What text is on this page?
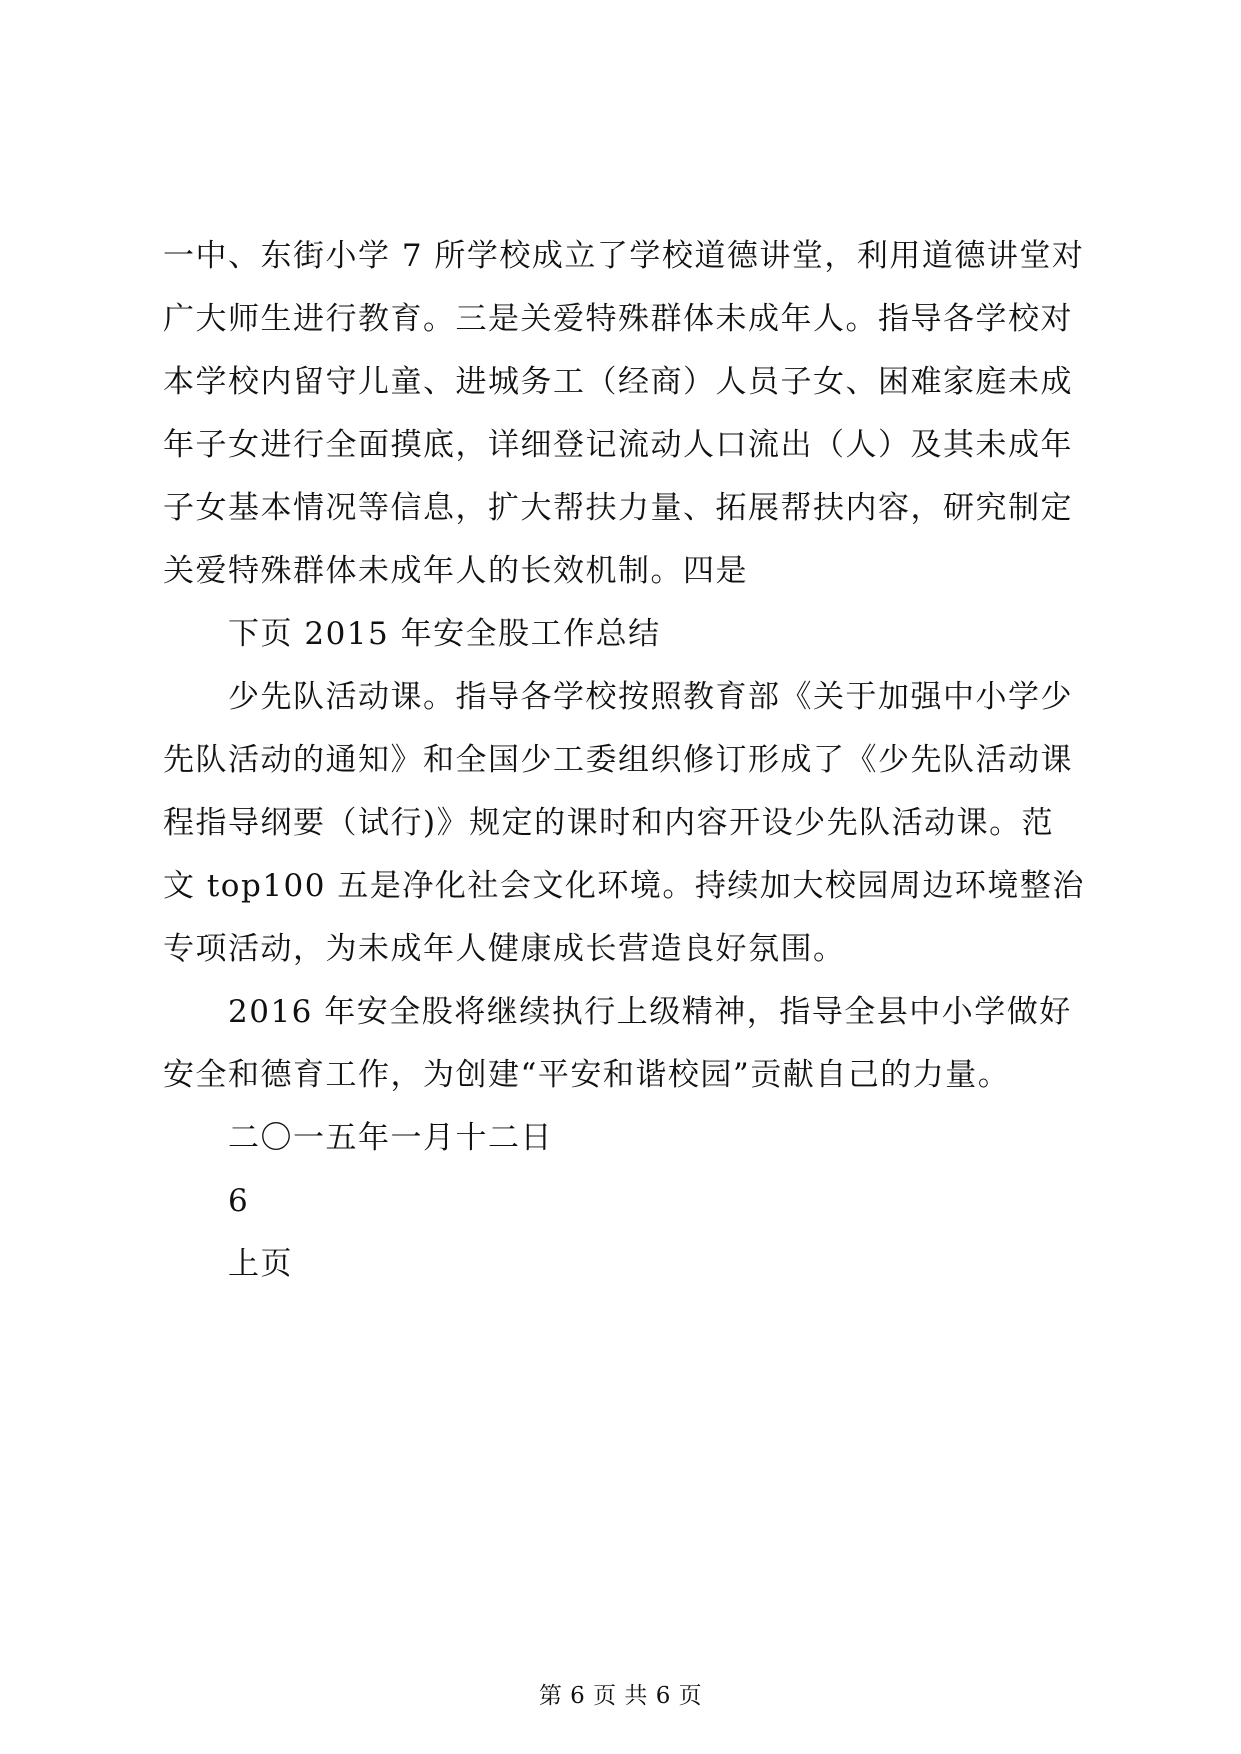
一中、东街小学 7 所学校成立了学校道德讲堂，利用道德讲堂对
广大师生进行教育。三是关爱特殊群体未成年人。指导各学校对
本学校内留守儿童、进城务工（经商）人员子女、困难家庭未成
年子女进行全面摸底，详细登记流动人口流出（人）及其未成年
子女基本情况等信息，扩大帮扶力量、拓展帮扶内容，研究制定
关爱特殊群体未成年人的长效机制。四是
下页 2015 年安全股工作总结
少先队活动课。指导各学校按照教育部《关于加强中小学少
先队活动的通知》和全国少工委组织修订形成了《少先队活动课
程指导纲要（试行)》规定的课时和内容开设少先队活动课。范
文 top100 五是净化社会文化环境。持续加大校园周边环境整治
专项活动，为未成年人健康成长营造良好氛围。
2016 年安全股将继续执行上级精神，指导全县中小学做好
安全和德育工作，为创建“平安和谐校园”贡献自己的力量。
二〇一五年一月十二日
6
上页
第 6 页 共 6 页
